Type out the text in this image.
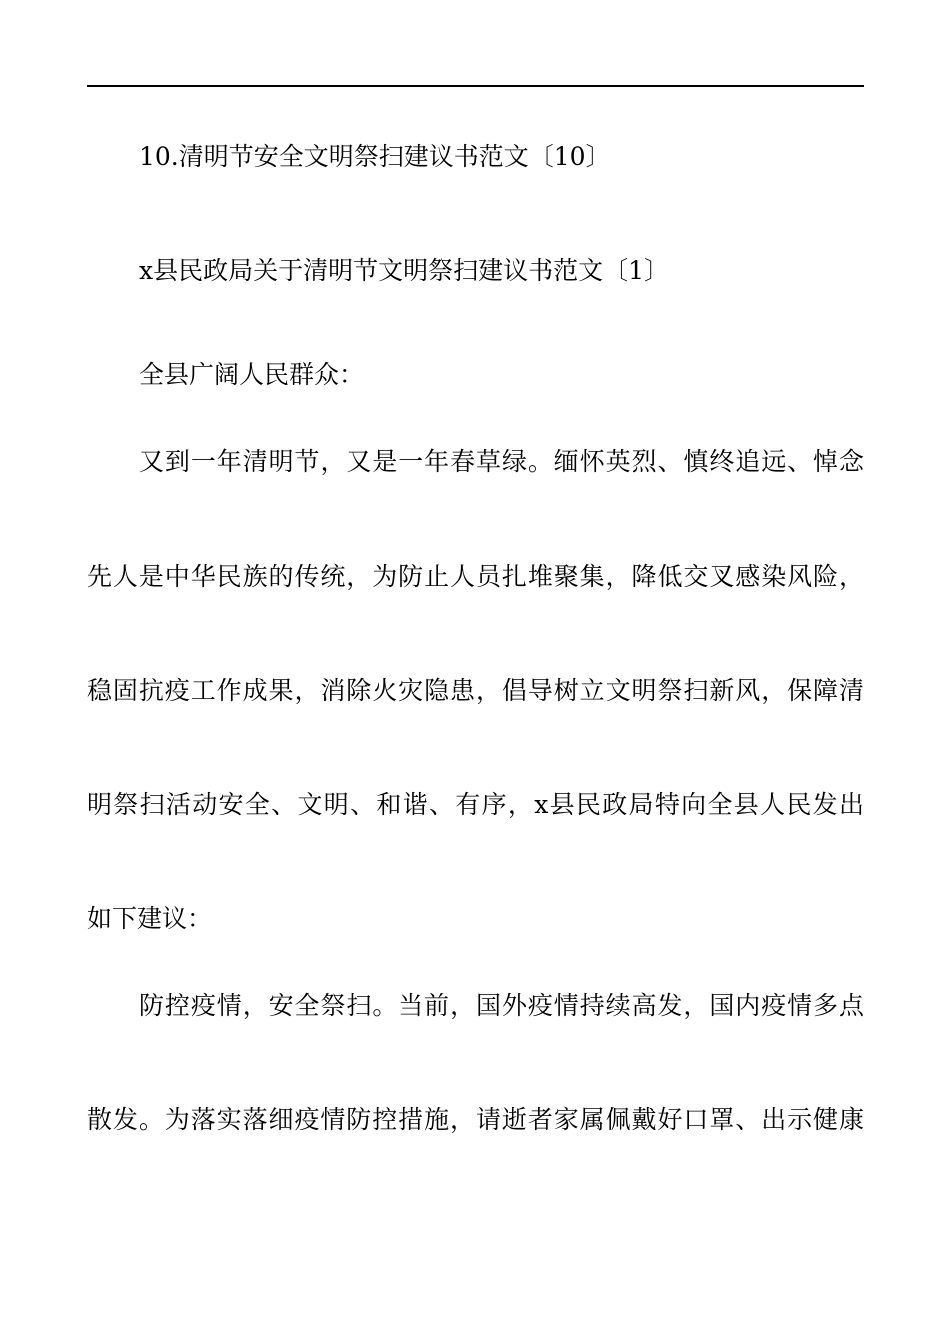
10.清明节安全文明祭扫建议书范文〔10〕
x县民政局关于清明节文明祭扫建议书范文〔1〕
全县广阔人民群众：
又到一年清明节，又是一年春草绿。缅怀英烈、慎终追远、悼念
先人是中华民族的传统，为防止人员扎堆聚集，降低交叉感染风险，
稳固抗疫工作成果，消除火灾隐患，倡导树立文明祭扫新风，保障清
明祭扫活动安全、文明、和谐、有序，x县民政局特向全县人民发出
如下建议：
防控疫情，安全祭扫。当前，国外疫情持续高发，国内疫情多点
散发。为落实落细疫情防控措施，请逝者家属佩戴好口罩、出示健康
